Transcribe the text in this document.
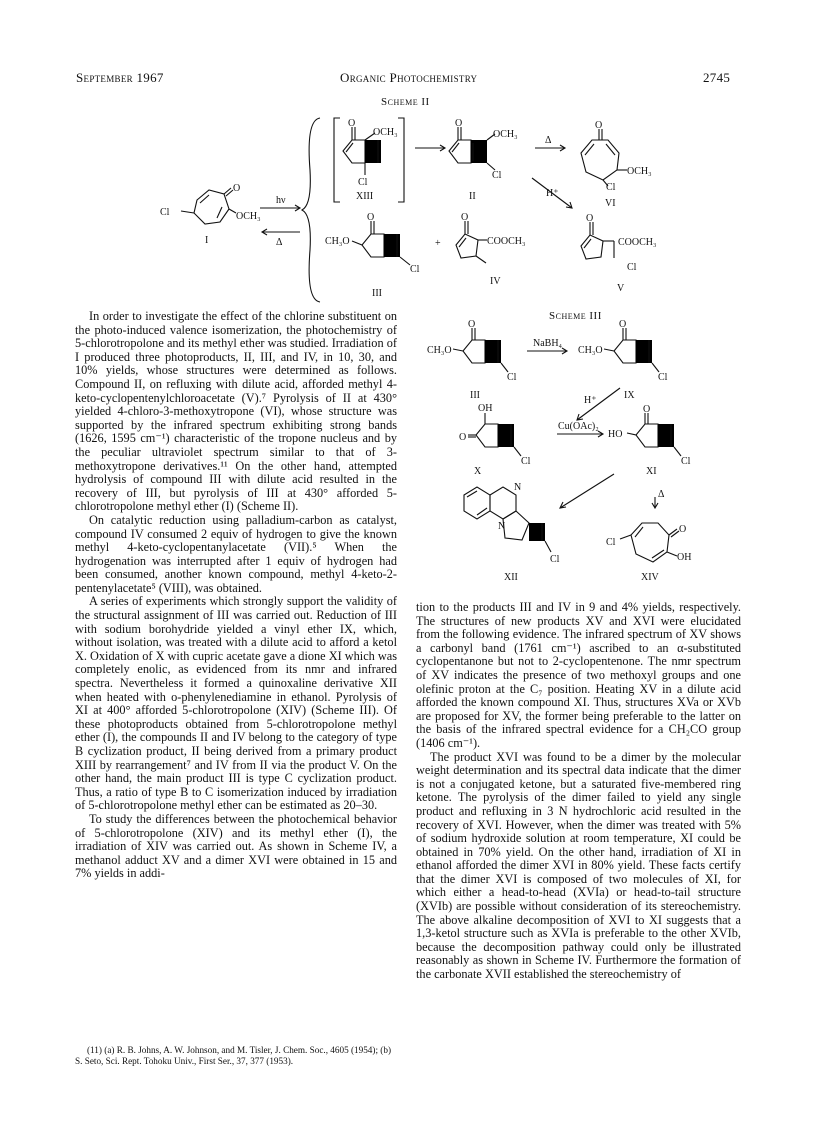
September 1967	Organic Photochemistry	2745
Scheme II
Scheme III
O
OCH₃
Cl
I
hν
Δ
Δ
H⁺
+
O
OCH₃
Cl
XIII
O
OCH₃
Cl
II
O
OCH₃
Cl
VI
O
CH₃O
Cl
III
O
COOCH₃
IV
O
COOCH₃
Cl
V
O
CH₃O
Cl
III
NaBH₄
H⁺
Cu(OAc)₂
Δ
O
CH₃O
Cl
IX
OH
O
Cl
X
O
HO
Cl
XI
N
N
Cl
XII
O
OH
Cl
XIV

In order to investigate the effect of the chlorine substituent on the photo-induced valence isomerization, the photochemistry of 5-chlorotropolone and its methyl ether was studied. Irradiation of I produced three photoproducts, II, III, and IV, in 10, 30, and 10% yields, whose structures were determined as follows. Compound II, on refluxing with dilute acid, afforded methyl 4-keto-cyclopentenylchloroacetate (V).⁷ Pyrolysis of II at 430° yielded 4-chloro-3-methoxytropone (VI), whose structure was supported by the infrared spectrum exhibiting strong bands (1626, 1595 cm⁻¹) characteristic of the tropone nucleus and by the peculiar ultraviolet spectrum similar to that of 3-methoxytropone derivatives.¹¹ On the other hand, attempted hydrolysis of compound III with dilute acid resulted in the recovery of III, but pyrolysis of III at 430° afforded 5-chlorotropolone methyl ether (I) (Scheme II).

On catalytic reduction using palladium-carbon as catalyst, compound IV consumed 2 equiv of hydrogen to give the known methyl 4-keto-cyclopentanylacetate (VII).⁵ When the hydrogenation was interrupted after 1 equiv of hydrogen had been consumed, another known compound, methyl 4-keto-2-pentenylacetate⁵ (VIII), was obtained.

A series of experiments which strongly support the validity of the structural assignment of III was carried out. Reduction of III with sodium borohydride yielded a vinyl ether IX, which, without isolation, was treated with a dilute acid to afford a ketol X. Oxidation of X with cupric acetate gave a dione XI which was completely enolic, as evidenced from its nmr and infrared spectra. Nevertheless it formed a quinoxaline derivative XII when heated with o-phenylenediamine in ethanol. Pyrolysis of XI at 400° afforded 5-chlorotropolone (XIV) (Scheme III). Of these photoproducts obtained from 5-chlorotropolone methyl ether (I), the compounds II and IV belong to the category of type B cyclization product, II being derived from a primary product XIII by rearrangement⁷ and IV from II via the product V. On the other hand, the main product III is type C cyclization product. Thus, a ratio of type B to C isomerization induced by irradiation of 5-chlorotropolone methyl ether can be estimated as 20–30.

To study the differences between the photochemical behavior of 5-chlorotropolone (XIV) and its methyl ether (I), the irradiation of XIV was carried out. As shown in Scheme IV, a methanol adduct XV and a dimer XVI were obtained in 15 and 7% yields in addi-

(11) (a) R. B. Johns, A. W. Johnson, and M. Tisler, J. Chem. Soc., 4605 (1954); (b) S. Seto, Sci. Rept. Tohoku Univ., First Ser., 37, 377 (1953).

tion to the products III and IV in 9 and 4% yields, respectively. The structures of new products XV and XVI were elucidated from the following evidence. The infrared spectrum of XV shows a carbonyl band (1761 cm⁻¹) ascribed to an α-substituted cyclopentanone but not to 2-cyclopentenone. The nmr spectrum of XV indicates the presence of two methoxyl groups and one olefinic proton at the C₇ position. Heating XV in a dilute acid afforded the known compound XI. Thus, structures XVa or XVb are proposed for XV, the former being preferable to the latter on the basis of the infrared spectral evidence for a CH₂CO group (1406 cm⁻¹).

The product XVI was found to be a dimer by the molecular weight determination and its spectral data indicate that the dimer is not a conjugated ketone, but a saturated five-membered ring ketone. The pyrolysis of the dimer failed to yield any single product and refluxing in 3 N hydrochloric acid resulted in the recovery of XVI. However, when the dimer was treated with 5% of sodium hydroxide solution at room temperature, XI could be obtained in 70% yield. On the other hand, irradiation of XI in ethanol afforded the dimer XVI in 80% yield. These facts certify that the dimer XVI is composed of two molecules of XI, for which either a head-to-head (XVIa) or head-to-tail structure (XVIb) are possible without consideration of its stereochemistry. The above alkaline decomposition of XVI to XI suggests that a 1,3-ketol structure such as XVIa is preferable to the other XVIb, because the decomposition pathway could only be illustrated reasonably as shown in Scheme IV. Furthermore the formation of the carbonate XVII established the stereochemistry of
